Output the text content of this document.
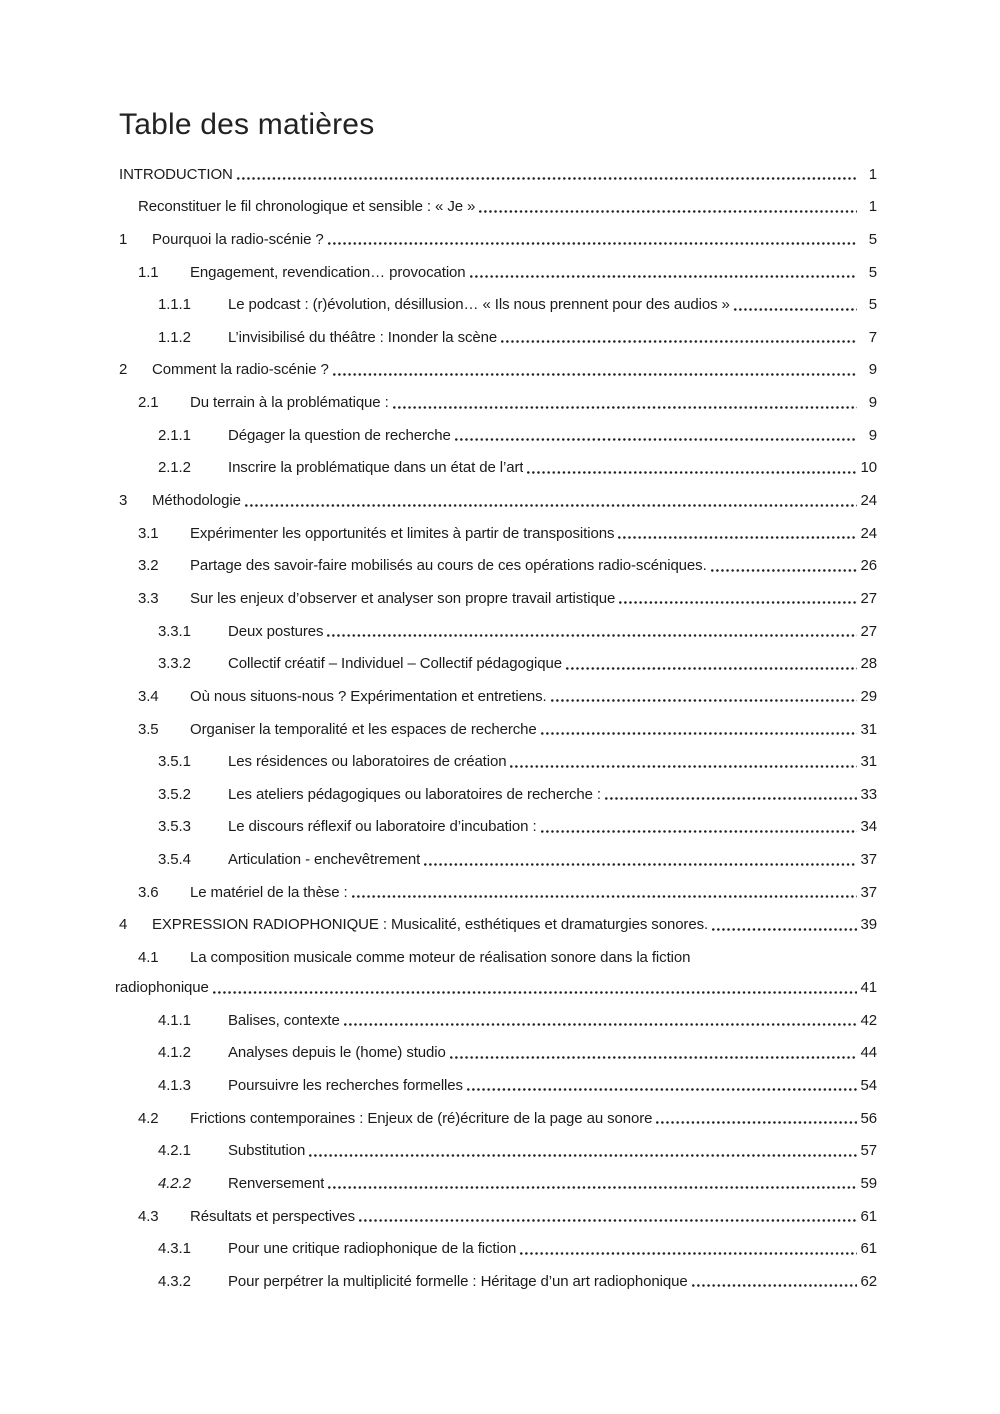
Table des matières
INTRODUCTION	1
Reconstituer le fil chronologique et sensible : « Je »	1
1	Pourquoi la radio-scénie ?	5
1.1	Engagement, revendication… provocation	5
1.1.1	Le podcast : (r)évolution, désillusion… « Ils nous prennent pour des audios »	5
1.1.2	L’invisibilisé du théâtre : Inonder la scène	7
2	Comment la radio-scénie ?	9
2.1	Du terrain à la problématique :	9
2.1.1	Dégager la question de recherche	9
2.1.2	Inscrire la problématique dans un état de l’art	10
3	Méthodologie	24
3.1	Expérimenter les opportunités et limites à partir de transpositions	24
3.2	Partage des savoir-faire mobilisés au cours de ces opérations radio-scéniques.	26
3.3	Sur les enjeux d’observer et analyser son propre travail artistique	27
3.3.1	Deux postures	27
3.3.2	Collectif créatif – Individuel – Collectif pédagogique	28
3.4	Où nous situons-nous ? Expérimentation et entretiens.	29
3.5	Organiser la temporalité et les espaces de recherche	31
3.5.1	Les résidences ou laboratoires de création	31
3.5.2	Les ateliers pédagogiques ou laboratoires de recherche :	33
3.5.3	Le discours réflexif ou laboratoire d’incubation :	34
3.5.4	Articulation - enchevêtrement	37
3.6	Le matériel de la thèse :	37
4	EXPRESSION RADIOPHONIQUE : Musicalité, esthétiques et dramaturgies sonores.	39
4.1	La composition musicale comme moteur de réalisation sonore dans la fiction
radiophonique	41
4.1.1	Balises, contexte	42
4.1.2	Analyses depuis le (home) studio	44
4.1.3	Poursuivre les recherches formelles	54
4.2	Frictions contemporaines : Enjeux de (ré)écriture de la page au sonore	56
4.2.1	Substitution	57
4.2.2	Renversement	59
4.3	Résultats et perspectives	61
4.3.1	Pour une critique radiophonique de la fiction	61
4.3.2	Pour perpétrer la multiplicité formelle : Héritage d’un art radiophonique	62
